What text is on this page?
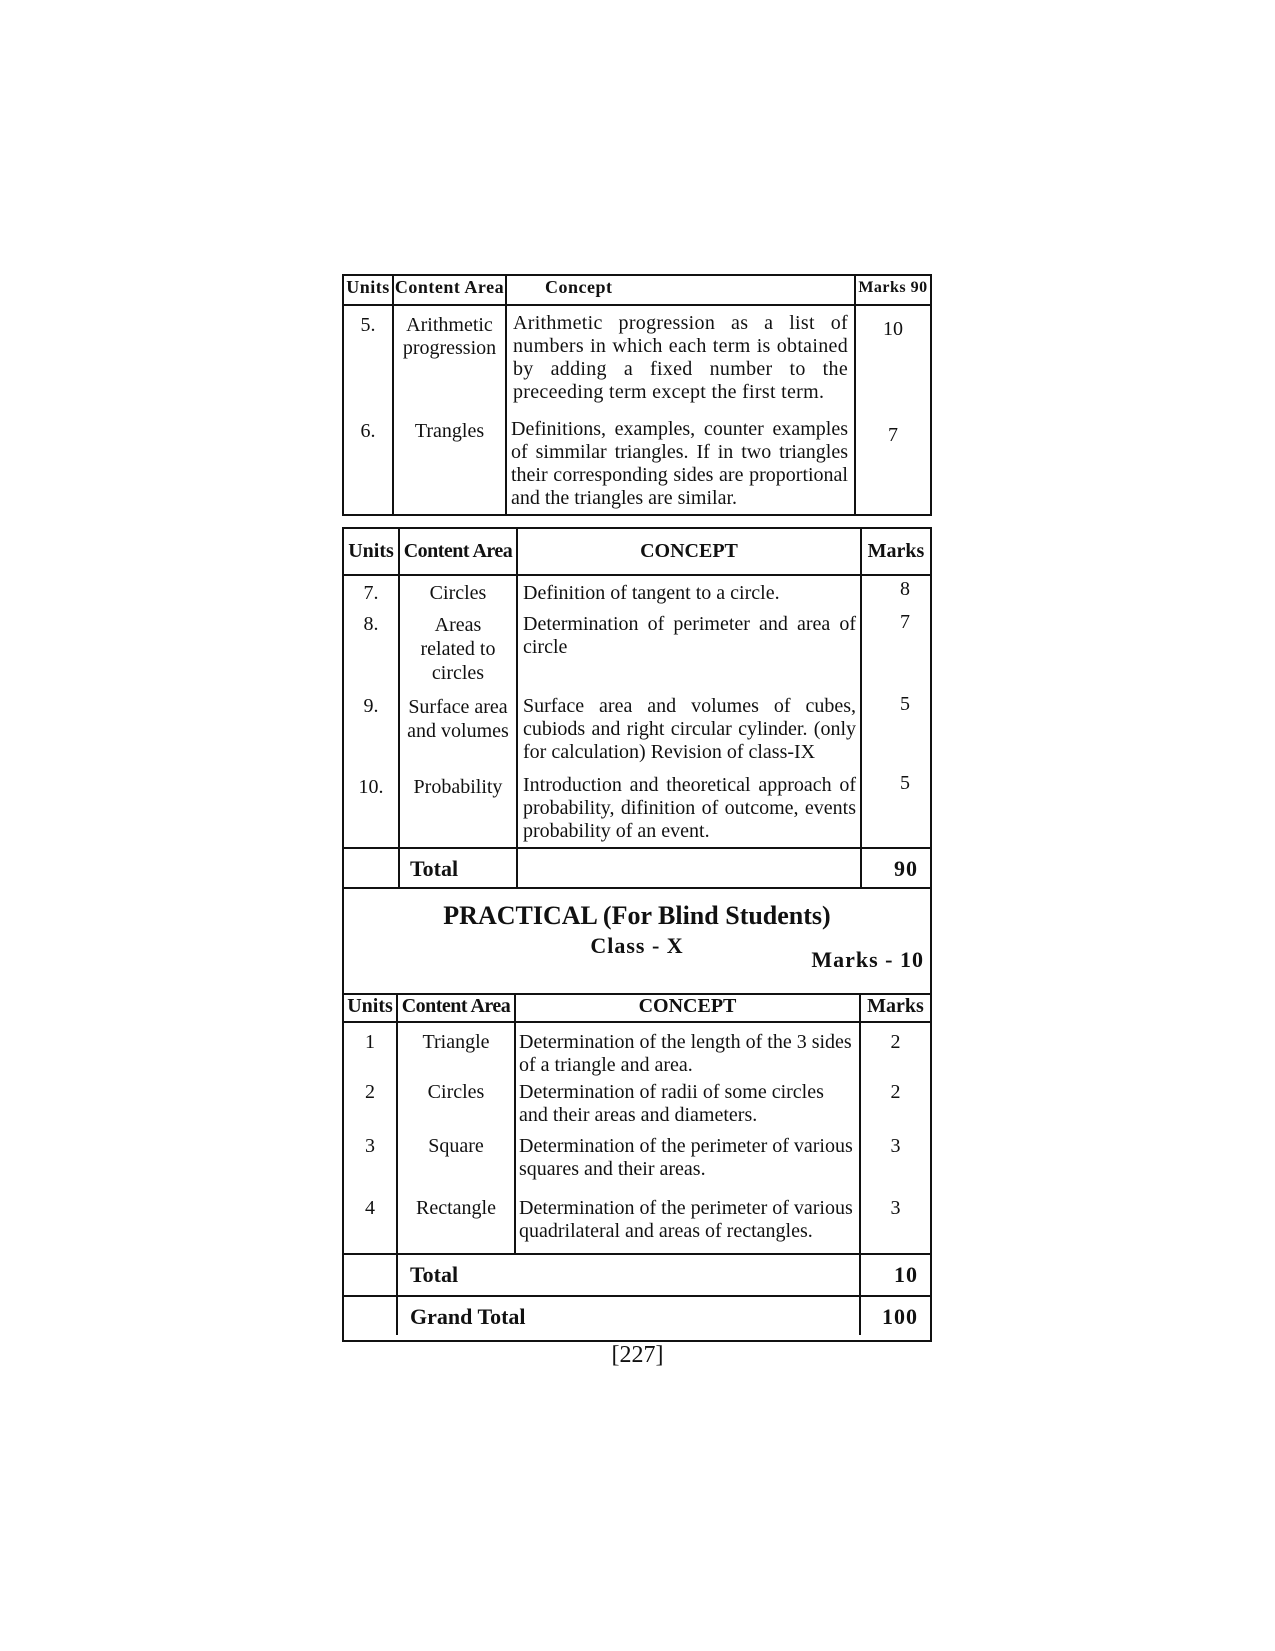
Units	Content Area	Concept	Marks 90
5.	Arithmetic progression	Arithmetic progression as a list of numbers in which each term is obtained by adding a fixed number to the preceeding term except the first term.	10
6.	Trangles	Definitions, examples, counter examples of simmilar triangles. If in two triangles their corresponding sides are proportional and the triangles are similar.	7
Units	Content Area	CONCEPT	Marks
7.	Circles	Definition of tangent to a circle.	8
8.	Areas related to circles	Determination of perimeter and area of circle	7
9.	Surface area and volumes	Surface area and volumes of cubes, cubiods and right circular cylinder. (only for calculation) Revision of class-IX	5
10.	Probability	Introduction and theoretical approach of probability, difinition of outcome, events probability of an event.	5
	Total		90
PRACTICAL (For Blind Students)
Class - X
Marks - 10
Units	Content Area	CONCEPT	Marks
1	Triangle	Determination of the length of the 3 sides of a triangle and area.	2
2	Circles	Determination of radii of some circles and their areas and diameters.	2
3	Square	Determination of the perimeter of various squares and their areas.	3
4	Rectangle	Determination of the perimeter of various quadrilateral and areas of rectangles.	3
	Total		10
	Grand Total		100
[227]
